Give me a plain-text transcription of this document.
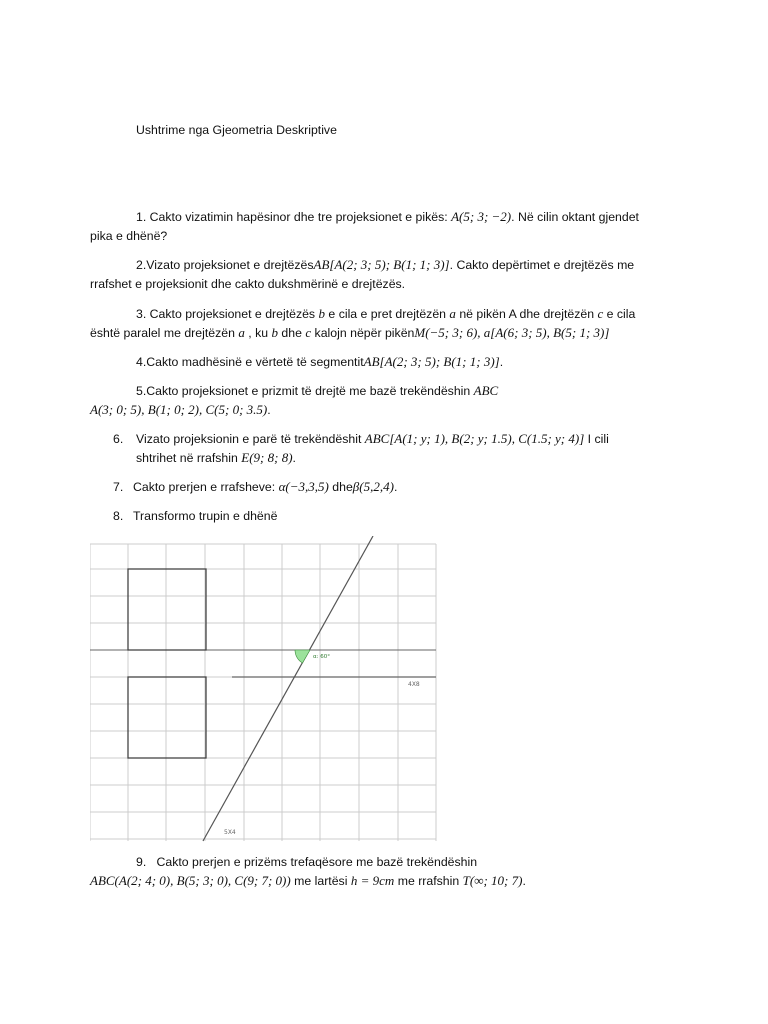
Ushtrime nga Gjeometria Deskriptive
1. Cakto vizatimin hapësinor dhe tre projeksionet e pikës: A(5; 3; −2). Në cilin oktant gjendet
pika e dhënë?
2.Vizato projeksionet e drejtëzësAB[A(2; 3; 5); B(1; 1; 3)]. Cakto depërtimet e drejtëzës me
rrafshet e projeksionit dhe cakto dukshmërinë e drejtëzës.
3. Cakto projeksionet e drejtëzës b e cila e pret drejtëzën a në pikën A dhe drejtëzën c e cila
është paralel me drejtëzën a , ku b dhe c kalojn nëpër pikënM(−5; 3; 6), a[A(6; 3; 5), B(5; 1; 3)]
4.Cakto madhësinë e vërtetë të segmentitAB[A(2; 3; 5); B(1; 1; 3)].
5.Cakto projeksionet e prizmit të drejtë me bazë trekëndëshin ABC
A(3; 0; 5), B(1; 0; 2), C(5; 0; 3.5).
6. Vizato projeksionin e parë të trekëndëshit ABC[A(1; y; 1), B(2; y; 1.5), C(1.5; y; 4)] I cili
shtrihet në rrafshin E(9; 8; 8).
7. Cakto prerjen e rrafsheve: α(−3,3,5) dheβ(5,2,4).
8. Transformo trupin e dhënë
α: 60°
4X8
5X4
9. Cakto prerjen e prizëms trefaqësore me bazë trekëndëshin
ABC(A(2; 4; 0), B(5; 3; 0), C(9; 7; 0)) me lartësi h = 9cm me rrafshin T(∞; 10; 7).
